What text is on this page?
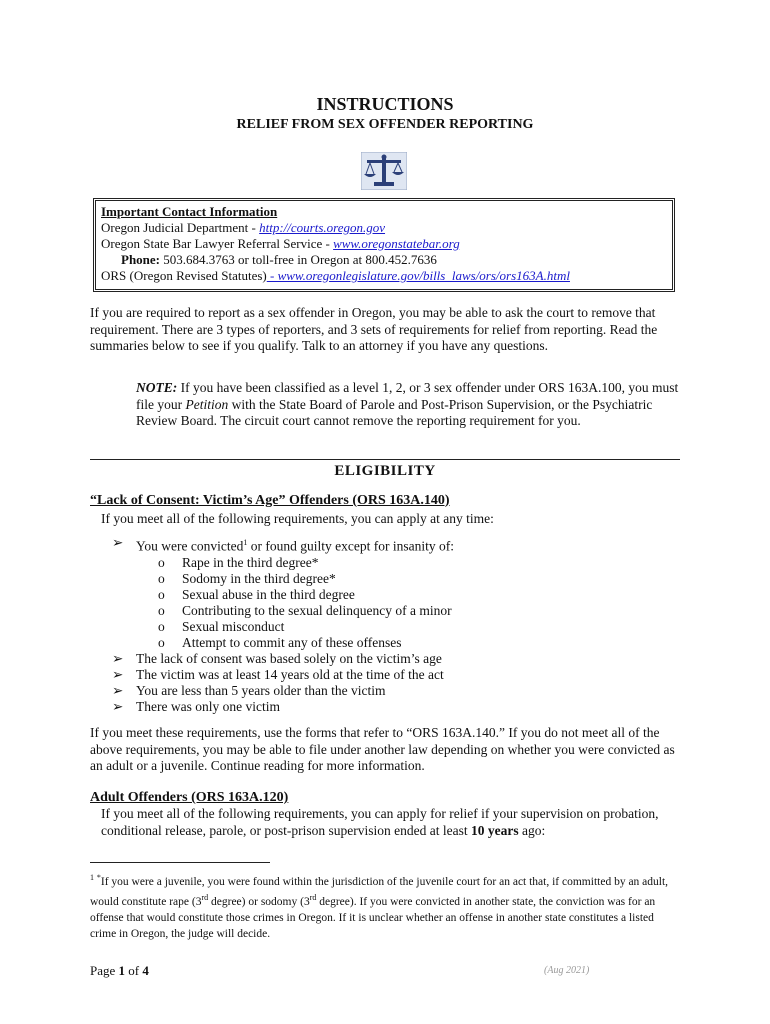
INSTRUCTIONS
RELIEF FROM SEX OFFENDER REPORTING
Important Contact Information
Oregon Judicial Department - http://courts.oregon.gov
Oregon State Bar Lawyer Referral Service - www.oregonstatebar.org
Phone: 503.684.3763 or toll-free in Oregon at 800.452.7636
ORS (Oregon Revised Statutes) - www.oregonlegislature.gov/bills_laws/ors/ors163A.html
If you are required to report as a sex offender in Oregon, you may be able to ask the court to remove that requirement. There are 3 types of reporters, and 3 sets of requirements for relief from reporting. Read the summaries below to see if you qualify. Talk to an attorney if you have any questions.
NOTE: If you have been classified as a level 1, 2, or 3 sex offender under ORS 163A.100, you must file your Petition with the State Board of Parole and Post-Prison Supervision, or the Psychiatric Review Board. The circuit court cannot remove the reporting requirement for you.
ELIGIBILITY
“Lack of Consent: Victim’s Age” Offenders (ORS 163A.140)
If you meet all of the following requirements, you can apply at any time:
➢ You were convicted$^1$ or found guilty except for insanity of:
o Rape in the third degree*
o Sodomy in the third degree*
o Sexual abuse in the third degree
o Contributing to the sexual delinquency of a minor
o Sexual misconduct
o Attempt to commit any of these offenses
➢ The lack of consent was based solely on the victim’s age
➢ The victim was at least 14 years old at the time of the act
➢ You are less than 5 years older than the victim
➢ There was only one victim
If you meet these requirements, use the forms that refer to “ORS 163A.140.” If you do not meet all of the above requirements, you may be able to file under another law depending on whether you were convicted as an adult or a juvenile. Continue reading for more information.
Adult Offenders (ORS 163A.120)
If you meet all of the following requirements, you can apply for relief if your supervision on probation, conditional release, parole, or post-prison supervision ended at least 10 years ago:
$^1$ *If you were a juvenile, you were found within the jurisdiction of the juvenile court for an act that, if committed by an adult, would constitute rape (3rd degree) or sodomy (3rd degree). If you were convicted in another state, the conviction was for an offense that would constitute those crimes in Oregon. If it is unclear whether an offense in another state constitutes a listed crime in Oregon, the judge will decide.
Page 1 of 4	(Aug 2021)
